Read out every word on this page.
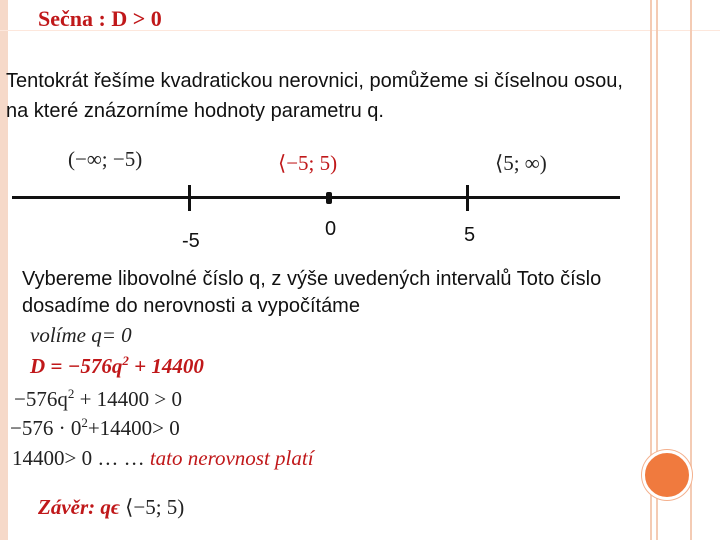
Sečna : D > 0
Tentokrát řešíme kvadratickou nerovnici, pomůžeme si číselnou osou, na které znázorníme hodnoty parametru q.
(−∞; −5)	⟨−5; 5)	⟨5; ∞)
-5
0	5
Vybereme libovolné číslo q, z výše uvedených intervalů Toto číslo dosadíme do nerovnosti a vypočítáme
volíme q= 0
$D = -576q^2 + 14400$
$-576q^2 + 14400 > 0$
$-576 \cdot 0^2+14400> 0$
14400> 0 … … tato nerovnost platí
Závěr: qϵ ⟨−5; 5)
